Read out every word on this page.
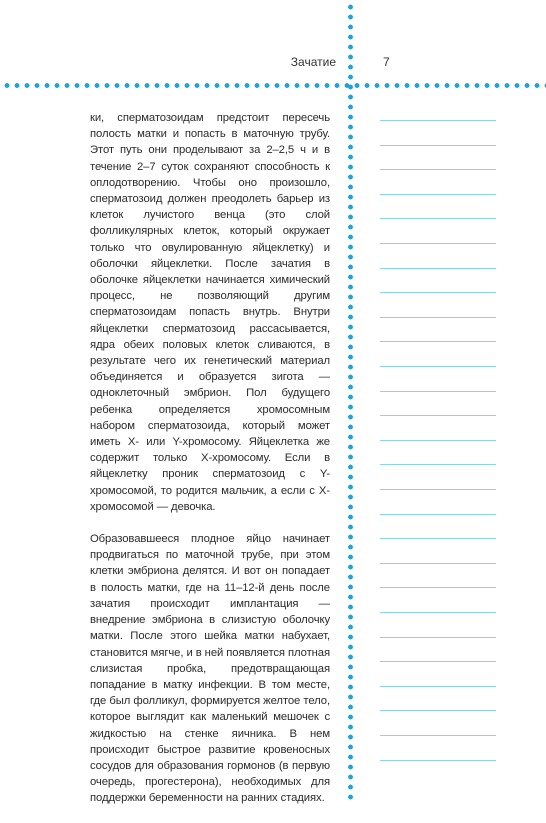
Зачатие	7

ки, сперматозоидам предстоит пересечь полость матки и попасть в маточную трубу. Этот путь они проделывают за 2–2,5 ч и в течение 2–7 суток сохраняют способность к оплодотворению. Чтобы оно произошло, сперматозоид должен преодолеть барьер из клеток лучистого венца (это слой фолликулярных клеток, который окружает только что овулированную яйцеклетку) и оболочки яйцеклетки. После зачатия в оболочке яйцеклетки начинается химический процесс, не позволяющий другим сперматозоидам попасть внутрь. Внутри яйцеклетки сперматозоид рассасывается, ядра обеих половых клеток сливаются, в результате чего их генетический материал объединяется и образуется зигота — одноклеточный эмбрион. Пол будущего ребенка определяется хромосомным набором сперматозоида, который может иметь X- или Y-хромосому. Яйцеклетка же содержит только X-хромосому. Если в яйцеклетку проник сперматозоид с Y-хромосомой, то родится мальчик, а если с X-хромосомой — девочка.

Образовавшееся плодное яйцо начинает продвигаться по маточной трубе, при этом клетки эмбриона делятся. И вот он попадает в полость матки, где на 11–12-й день после зачатия происходит имплантация — внедрение эмбриона в слизистую оболочку матки. После этого шейка матки набухает, становится мягче, и в ней появляется плотная слизистая пробка, предотвращающая попадание в матку инфекции. В том месте, где был фолликул, формируется желтое тело, которое выглядит как маленький мешочек с жидкостью на стенке яичника. В нем происходит быстрое развитие кровеносных сосудов для образования гормонов (в первую очередь, прогестерона), необходимых для поддержки беременности на ранних стадиях.
